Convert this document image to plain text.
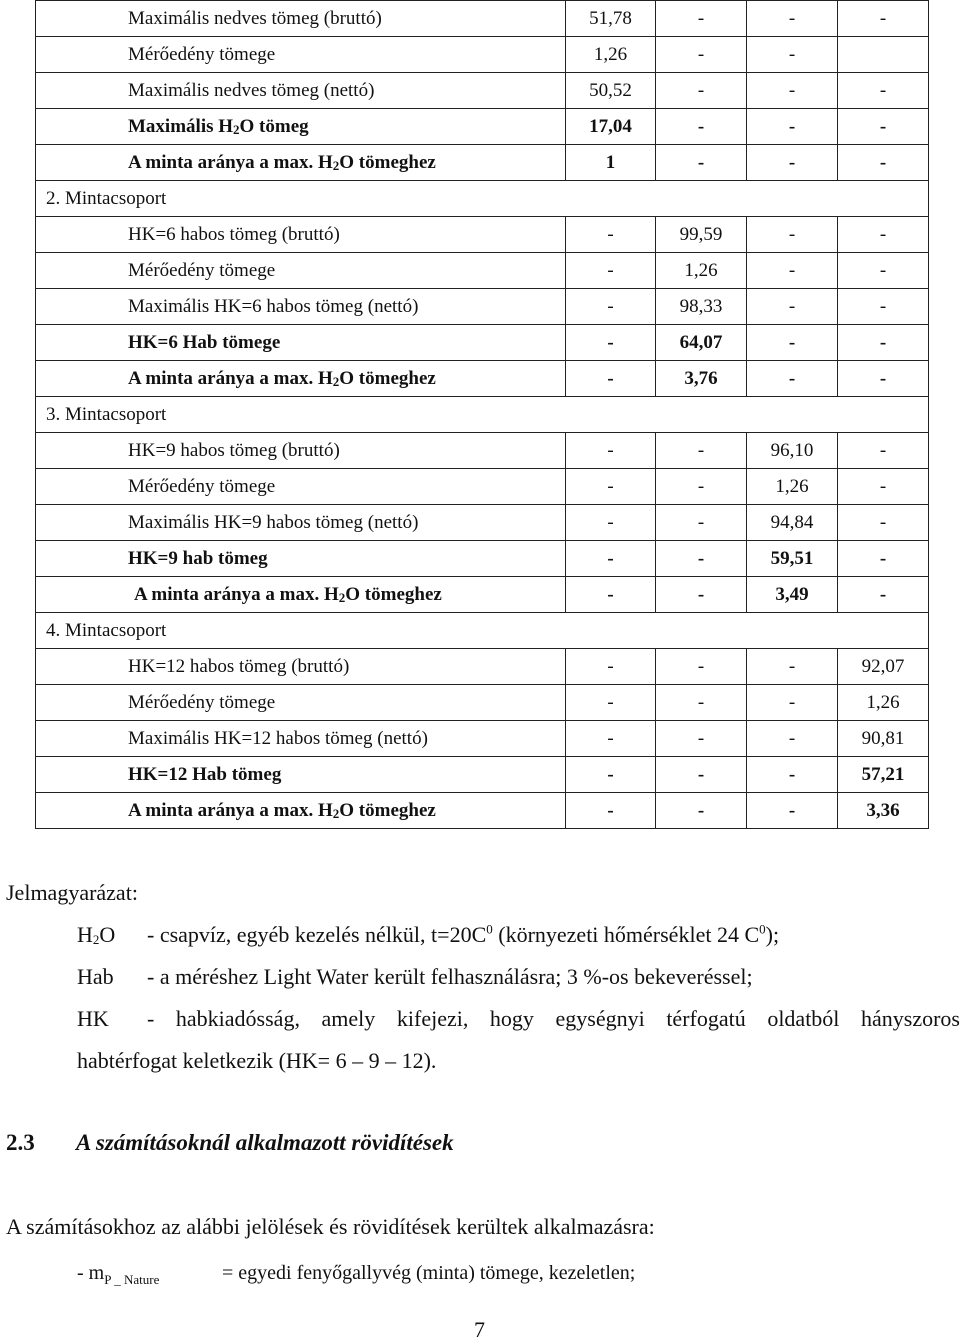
Maximális nedves tömeg (bruttó)	51,78	-	-	-
Mérőedény tömege	1,26	-	-	
Maximális nedves tömeg (nettó)	50,52	-	-	-
Maximális $H_2O$ tömeg	17,04	-	-	-
A minta aránya a max. $H_2O$ tömeghez	1	-	-	-
2. Mintacsoport				
HK=6 habos tömeg (bruttó)	-	99,59	-	-
Mérőedény tömege	-	1,26	-	-
Maximális HK=6 habos tömeg (nettó)	-	98,33	-	-
HK=6 Hab tömege	-	64,07	-	-
A minta aránya a max. $H_2O$ tömeghez	-	3,76	-	-
3. Mintacsoport				
HK=9 habos tömeg (bruttó)	-	-	96,10	-
Mérőedény tömege	-	-	1,26	-
Maximális HK=9 habos tömeg (nettó)	-	-	94,84	-
HK=9 hab tömeg	-	-	59,51	-
A minta aránya a max. $H_2O$ tömeghez	-	-	3,49	-
4. Mintacsoport				
HK=12 habos tömeg (bruttó)	-	-	-	92,07
Mérőedény tömege	-	-	-	1,26
Maximális HK=12 habos tömeg (nettó)	-	-	-	90,81
HK=12 Hab tömeg	-	-	-	57,21
A minta aránya a max. $H_2O$ tömeghez	-	-	-	3,36
Jelmagyarázat:
$H_2O$ - csapvíz, egyéb kezelés nélkül, $t=20C^0$ (környezeti hőmérséklet 24 $C^0$);
Hab - a méréshez Light Water került felhasználásra; 3 %-os bekeveréssel;
HK - habkiadósság, amely kifejezi, hogy egységnyi térfogatú oldatból hányszoros
habtérfogat keletkezik (HK= 6 – 9 – 12).
2.3 A számításoknál alkalmazott rövidítések
A számításokhoz az alábbi jelölések és rövidítések kerültek alkalmazásra:
- $m_{P \_ Nature}$	= egyedi fenyőgallyvég (minta) tömege, kezeletlen;
7
